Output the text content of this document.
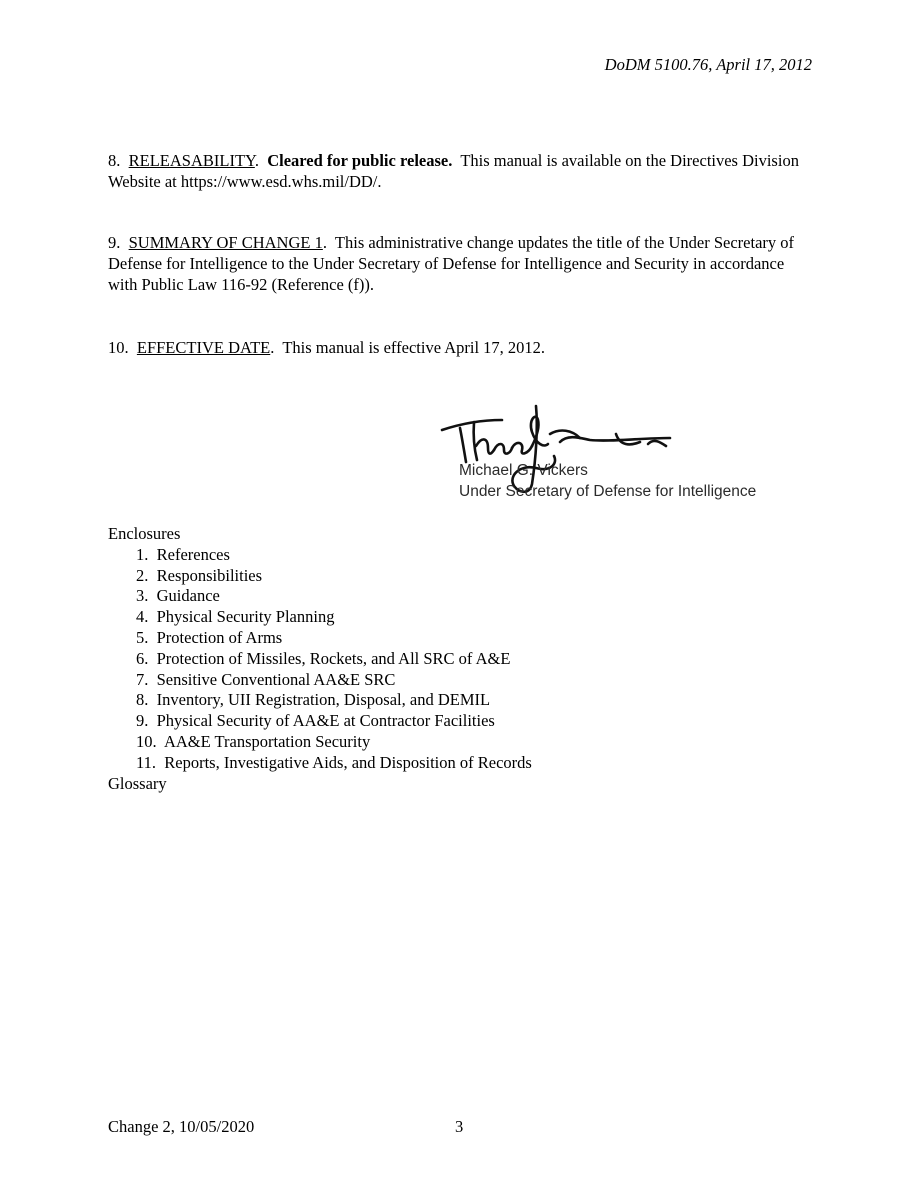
DoDM 5100.76, April 17, 2012

8. RELEASABILITY.  Cleared for public release. This manual is available on the Directives Division Website at https://www.esd.whs.mil/DD/.

9. SUMMARY OF CHANGE 1.  This administrative change updates the title of the Under Secretary of Defense for Intelligence to the Under Secretary of Defense for Intelligence and Security in accordance with Public Law 116-92 (Reference (f)).

10. EFFECTIVE DATE.  This manual is effective April 17, 2012.

Michael G. Vickers
Under Secretary of Defense for Intelligence

Enclosures

1. References
2. Responsibilities
3. Guidance
4. Physical Security Planning
5. Protection of Arms
6. Protection of Missiles, Rockets, and All SRC of A&E
7. Sensitive Conventional AA&E SRC
8. Inventory, UII Registration, Disposal, and DEMIL
9. Physical Security of AA&E at Contractor Facilities
10. AA&E Transportation Security
11. Reports, Investigative Aids, and Disposition of Records

Glossary

Change 2, 10/05/2020	3
